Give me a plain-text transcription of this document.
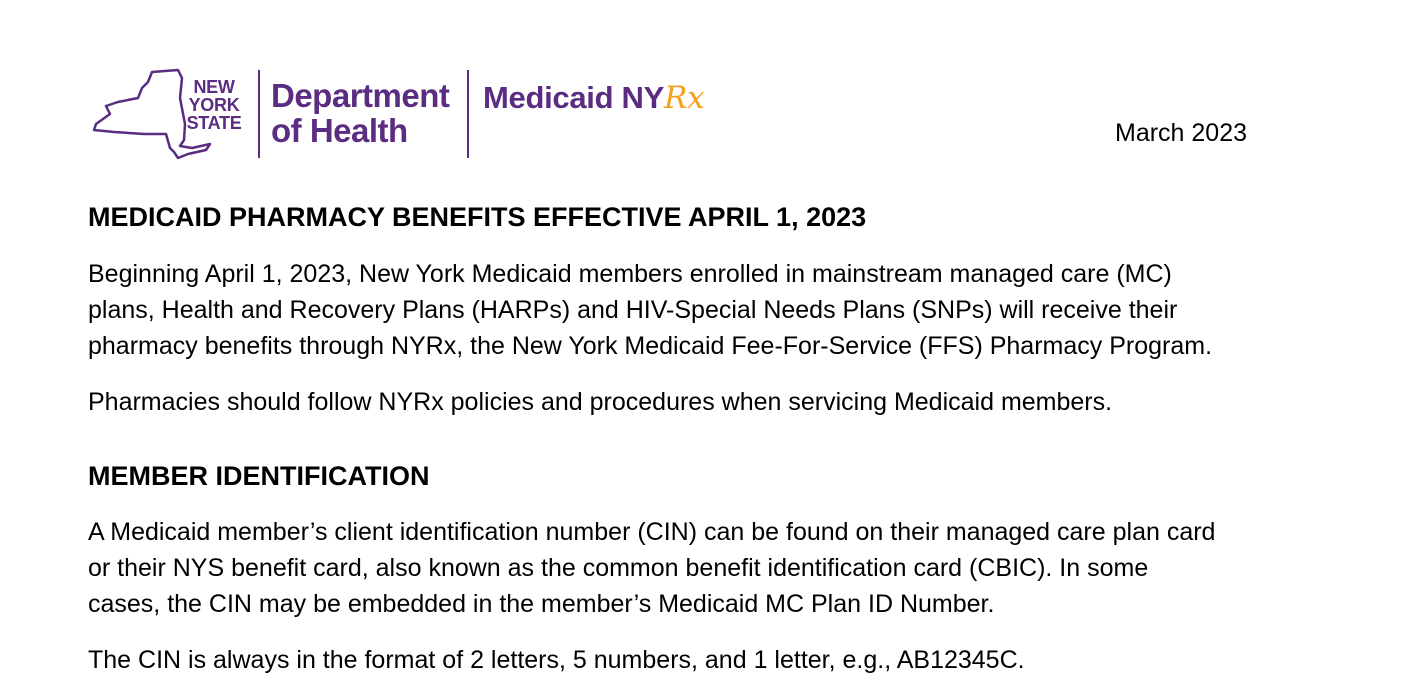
NEW
YORK
STATE
Department
of Health
Medicaid NYRx
March 2023
MEDICAID PHARMACY BENEFITS EFFECTIVE APRIL 1, 2023

Beginning April 1, 2023, New York Medicaid members enrolled in mainstream managed care (MC)
plans, Health and Recovery Plans (HARPs) and HIV-Special Needs Plans (SNPs) will receive their
pharmacy benefits through NYRx, the New York Medicaid Fee-For-Service (FFS) Pharmacy Program.

Pharmacies should follow NYRx policies and procedures when servicing Medicaid members.

MEMBER IDENTIFICATION

A Medicaid member’s client identification number (CIN) can be found on their managed care plan card
or their NYS benefit card, also known as the common benefit identification card (CBIC). In some
cases, the CIN may be embedded in the member’s Medicaid MC Plan ID Number.

The CIN is always in the format of 2 letters, 5 numbers, and 1 letter, e.g., AB12345C.
